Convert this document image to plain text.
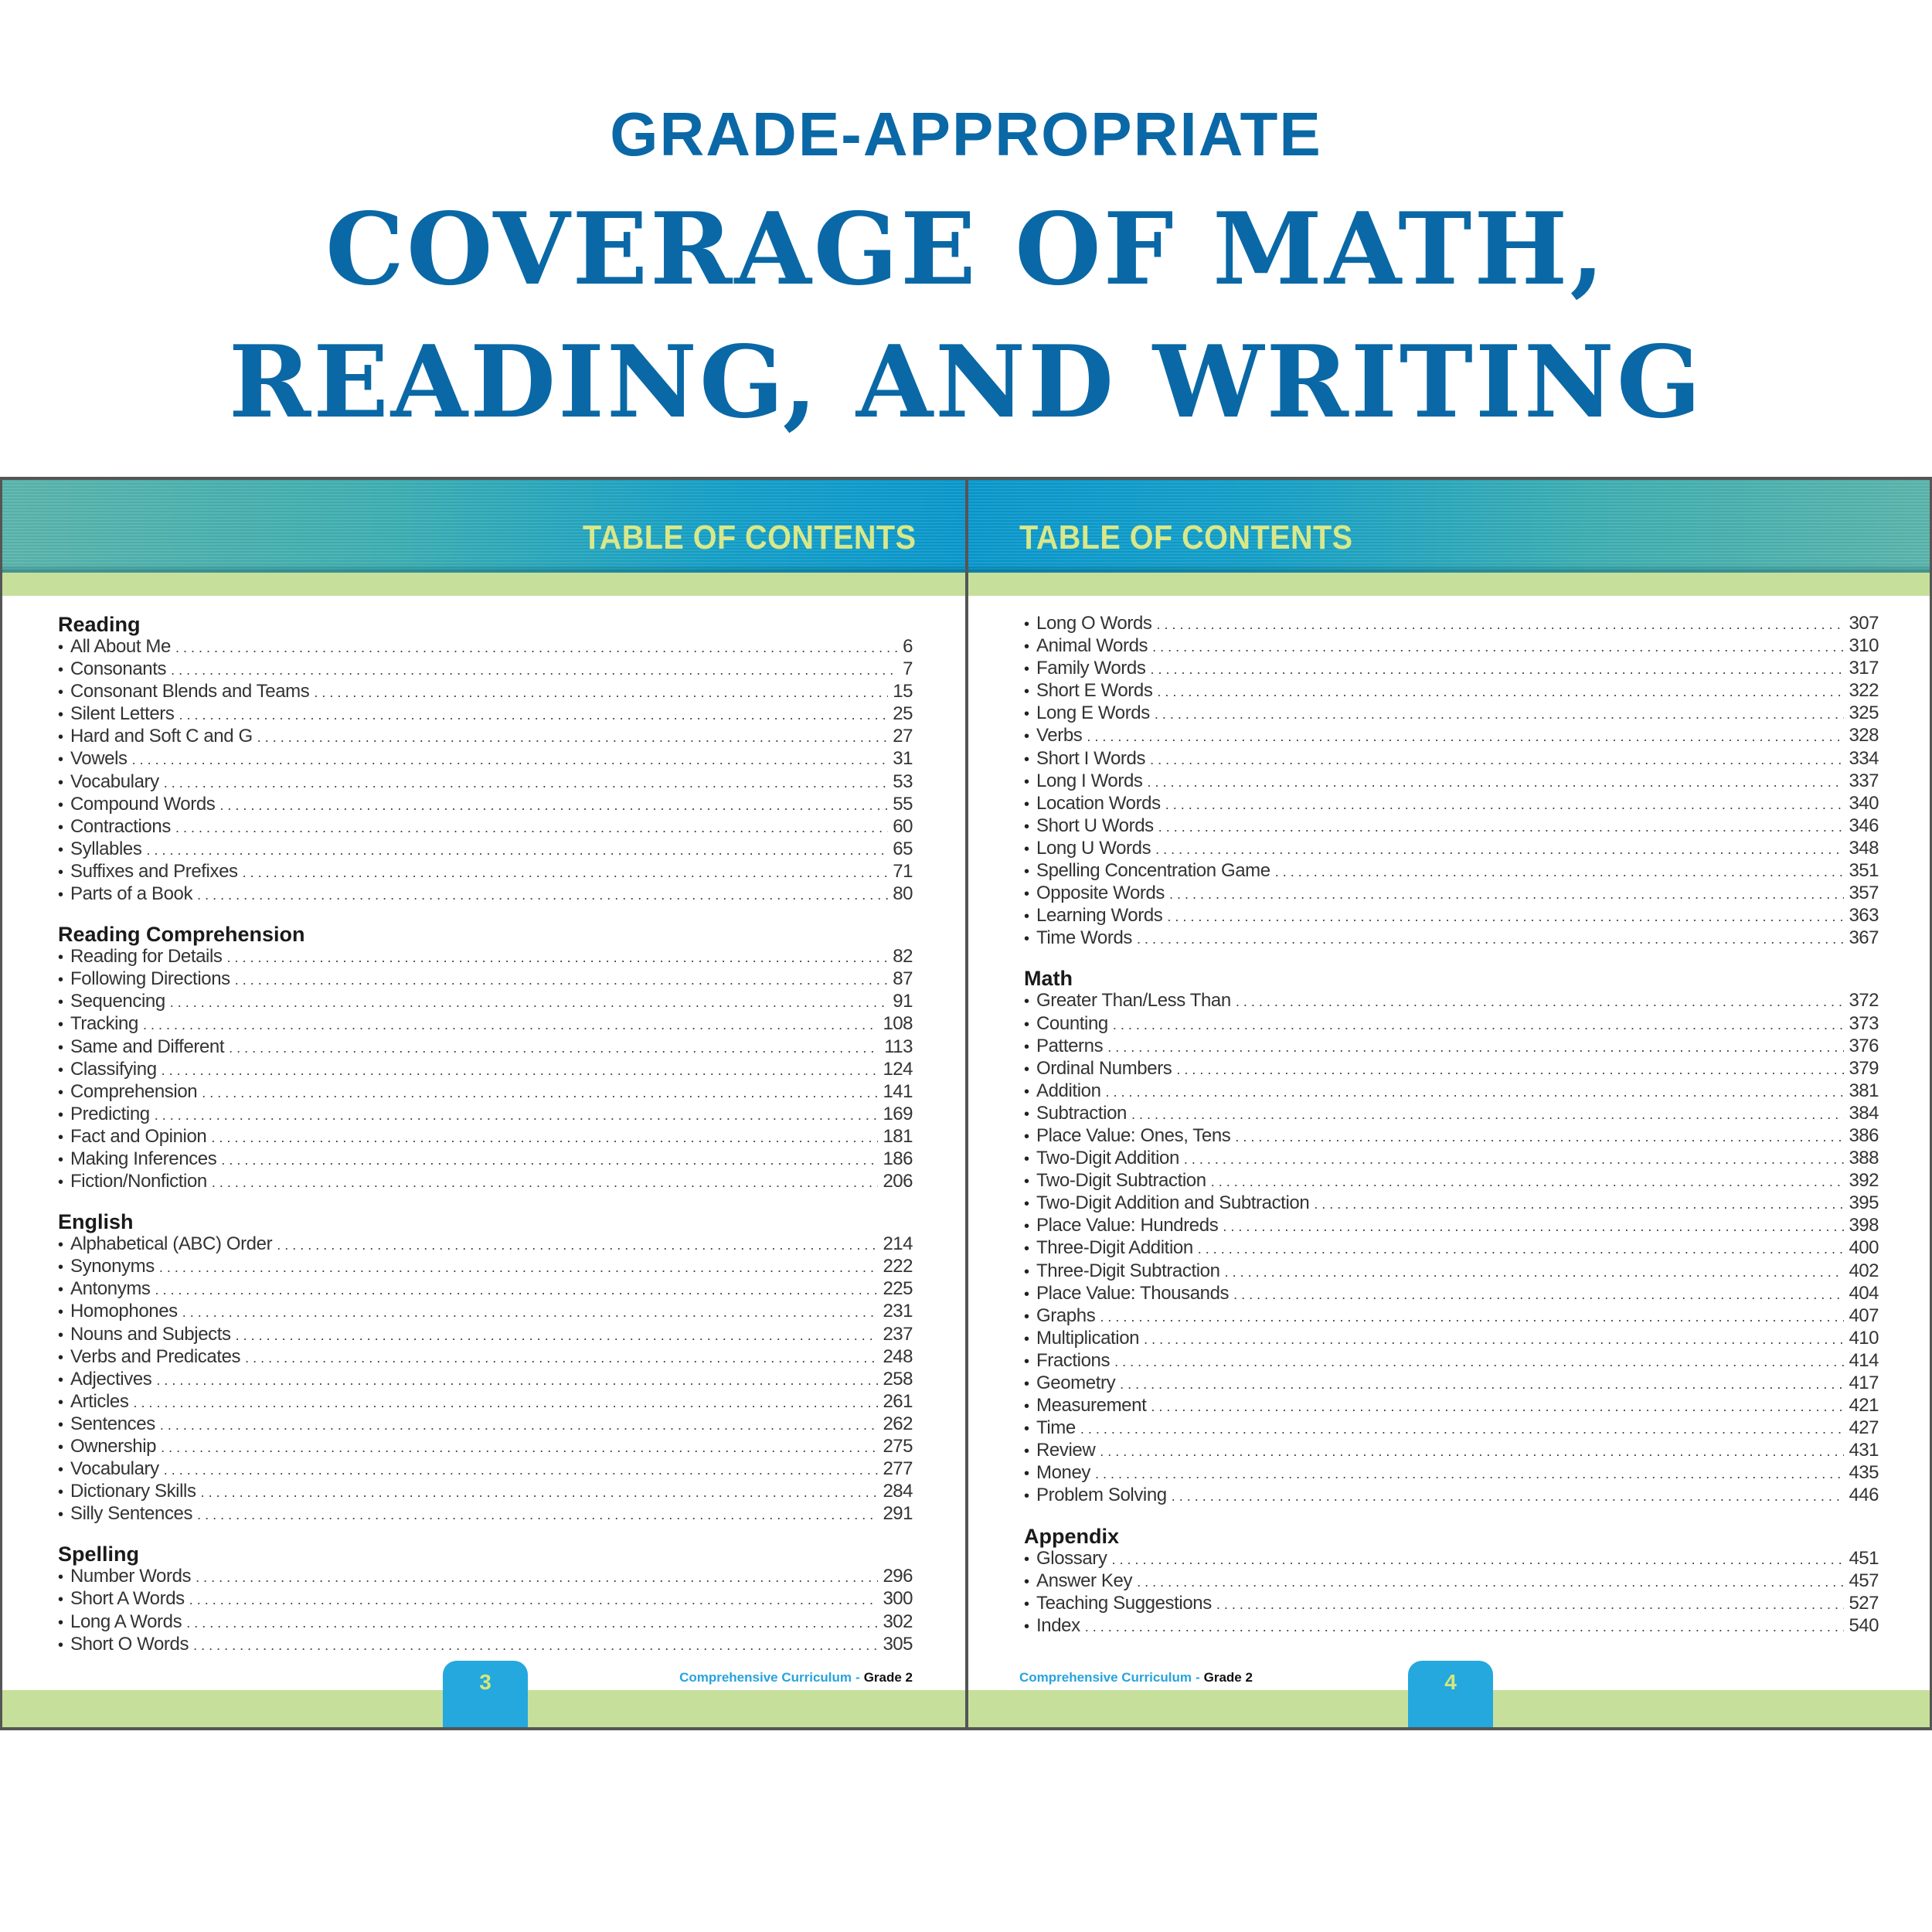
GRADE-APPROPRIATE
COVERAGE OF MATH,
READING, AND WRITING
TABLE OF CONTENTS
Reading
• All About Me . . .	6
• Consonants . . .	7
• Consonant Blends and Teams . . .	15
• Silent Letters . . .	25
• Hard and Soft C and G . . .	27
• Vowels . . .	31
• Vocabulary . . .	53
• Compound Words . . .	55
• Contractions . . .	60
• Syllables . . .	65
• Suffixes and Prefixes . . .	71
• Parts of a Book . . .	80
Reading Comprehension
• Reading for Details . . .	82
• Following Directions . . .	87
• Sequencing . . .	91
• Tracking . . .	108
• Same and Different . . .	113
• Classifying . . .	124
• Comprehension . . .	141
• Predicting . . .	169
• Fact and Opinion . . .	181
• Making Inferences . . .	186
• Fiction/Nonfiction . . .	206
English
• Alphabetical (ABC) Order . . .	214
• Synonyms . . .	222
• Antonyms . . .	225
• Homophones . . .	231
• Nouns and Subjects . . .	237
• Verbs and Predicates . . .	248
• Adjectives . . .	258
• Articles . . .	261
• Sentences . . .	262
• Ownership . . .	275
• Vocabulary . . .	277
• Dictionary Skills . . .	284
• Silly Sentences . . .	291
Spelling
• Number Words . . .	296
• Short A Words . . .	300
• Long A Words . . .	302
• Short O Words . . .	305
3	Comprehensive Curriculum - Grade 2
TABLE OF CONTENTS
• Long O Words . . .	307
• Animal Words . . .	310
• Family Words . . .	317
• Short E Words . . .	322
• Long E Words . . .	325
• Verbs . . .	328
• Short I Words . . .	334
• Long I Words . . .	337
• Location Words . . .	340
• Short U Words . . .	346
• Long U Words . . .	348
• Spelling Concentration Game . . .	351
• Opposite Words . . .	357
• Learning Words . . .	363
• Time Words . . .	367
Math
• Greater Than/Less Than . . .	372
• Counting . . .	373
• Patterns . . .	376
• Ordinal Numbers . . .	379
• Addition . . .	381
• Subtraction . . .	384
• Place Value: Ones, Tens . . .	386
• Two-Digit Addition . . .	388
• Two-Digit Subtraction . . .	392
• Two-Digit Addition and Subtraction . . .	395
• Place Value: Hundreds . . .	398
• Three-Digit Addition . . .	400
• Three-Digit Subtraction . . .	402
• Place Value: Thousands . . .	404
• Graphs . . .	407
• Multiplication . . .	410
• Fractions . . .	414
• Geometry . . .	417
• Measurement . . .	421
• Time . . .	427
• Review . . .	431
• Money . . .	435
• Problem Solving . . .	446
Appendix
• Glossary . . .	451
• Answer Key . . .	457
• Teaching Suggestions . . .	527
• Index . . .	540
4
Comprehensive Curriculum - Grade 2
